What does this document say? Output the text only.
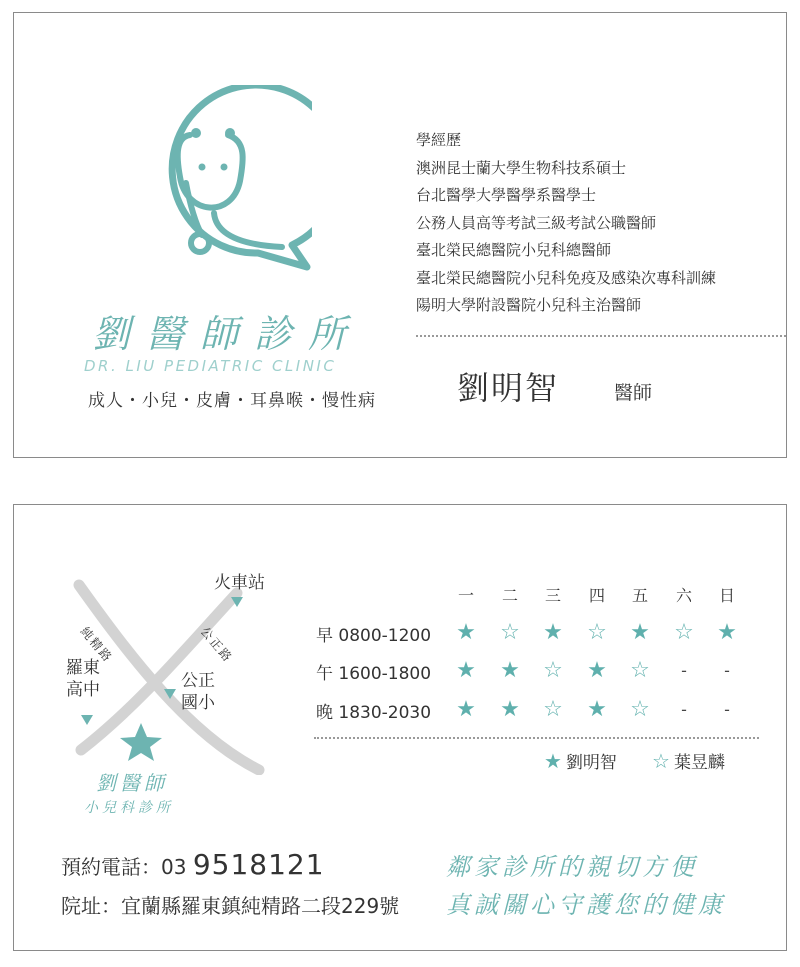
劉醫師診所
DR. LIU PEDIATRIC CLINIC
成人・小兒・皮膚・耳鼻喉・慢性病
學經歷
澳洲昆士蘭大學生物科技系碩士
台北醫學大學醫學系醫學士
公務人員高等考試三級考試公職醫師
臺北榮民總醫院小兒科總醫師
臺北榮民總醫院小兒科免疫及感染次專科訓練
陽明大學附設醫院小兒科主治醫師
劉明智	醫師
火車站
純精路	公正路
羅東
高中	公正
國小
劉醫師
小兒科診所
一	二	三	四	五	六	日
早 0800-1200 ★ ☆ ★ ☆ ★ ☆ ★
午 1600-1800 ★ ★ ☆ ★ ☆	-	-
晚 1830-2030 ★ ★ ☆ ★ ☆	-	-
★ 劉明智 ☆ 葉昱麟
預約電話：03 9518121
院址：宜蘭縣羅東鎮純精路二段229號
鄰家診所的親切方便
真誠關心守護您的健康
